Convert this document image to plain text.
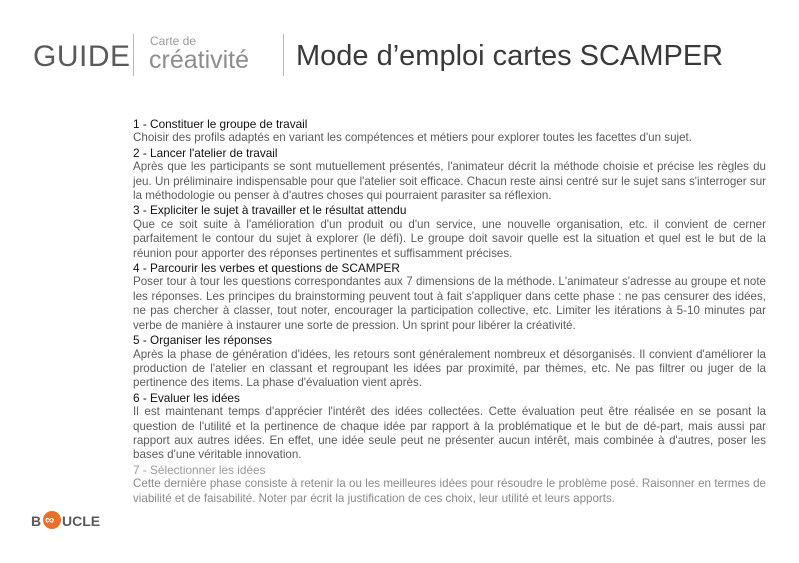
GUIDE Carte de
créativité Mode d’emploi cartes SCAMPER
1 - Constituer le groupe de travail

Choisir des profils adaptés en variant les compétences et métiers pour explorer toutes les facettes d'un sujet.

2 - Lancer l'atelier de travail

Après que les participants se sont mutuellement présentés, l'animateur décrit la méthode choisie et précise les règles du jeu. Un préliminaire indispensable pour que l'atelier soit efficace. Chacun reste ainsi centré sur le sujet sans s'interroger sur la méthodologie ou penser à d'autres choses qui pourraient parasiter sa réflexion.

3 - Expliciter le sujet à travailler et le résultat attendu

Que ce soit suite à l'amélioration d'un produit ou d'un service, une nouvelle organisation, etc. il convient de cerner parfaitement le contour du sujet à explorer (le défi). Le groupe doit savoir quelle est la situation et quel est le but de la réunion pour apporter des réponses pertinentes et suffisamment précises.

4 - Parcourir les verbes et questions de SCAMPER

Poser tour à tour les questions correspondantes aux 7 dimensions de la méthode. L'animateur s'adresse au groupe et note les réponses. Les principes du brainstorming peuvent tout à fait s'appliquer dans cette phase : ne pas censurer des idées, ne pas chercher à classer, tout noter, encourager la participation collective, etc. Limiter les itérations à 5-10 minutes par verbe de manière à instaurer une sorte de pression. Un sprint pour libérer la créativité.

5 - Organiser les réponses

Après la phase de génération d'idées, les retours sont généralement nombreux et désorganisés. Il convient d'améliorer la production de l'atelier en classant et regroupant les idées par proximité, par thèmes, etc. Ne pas filtrer ou juger de la pertinence des items. La phase d'évaluation vient après.

6 - Evaluer les idées

Il est maintenant temps d'apprécier l'intérêt des idées collectées. Cette évaluation peut être réalisée en se posant la question de l'utilité et la pertinence de chaque idée par rapport à la problématique et le but de dé-part, mais aussi par rapport aux autres idées. En effet, une idée seule peut ne présenter aucun intérêt, mais combinée à d'autres, poser les bases d'une véritable innovation.

7 - Sélectionner les idées

Cette dernière phase consiste à retenir la ou les meilleures idées pour résoudre le problème posé. Raisonner en termes de viabilité et de faisabilité. Noter par écrit la justification de ces choix, leur utilité et leurs apports.

B ∞ UCLE
